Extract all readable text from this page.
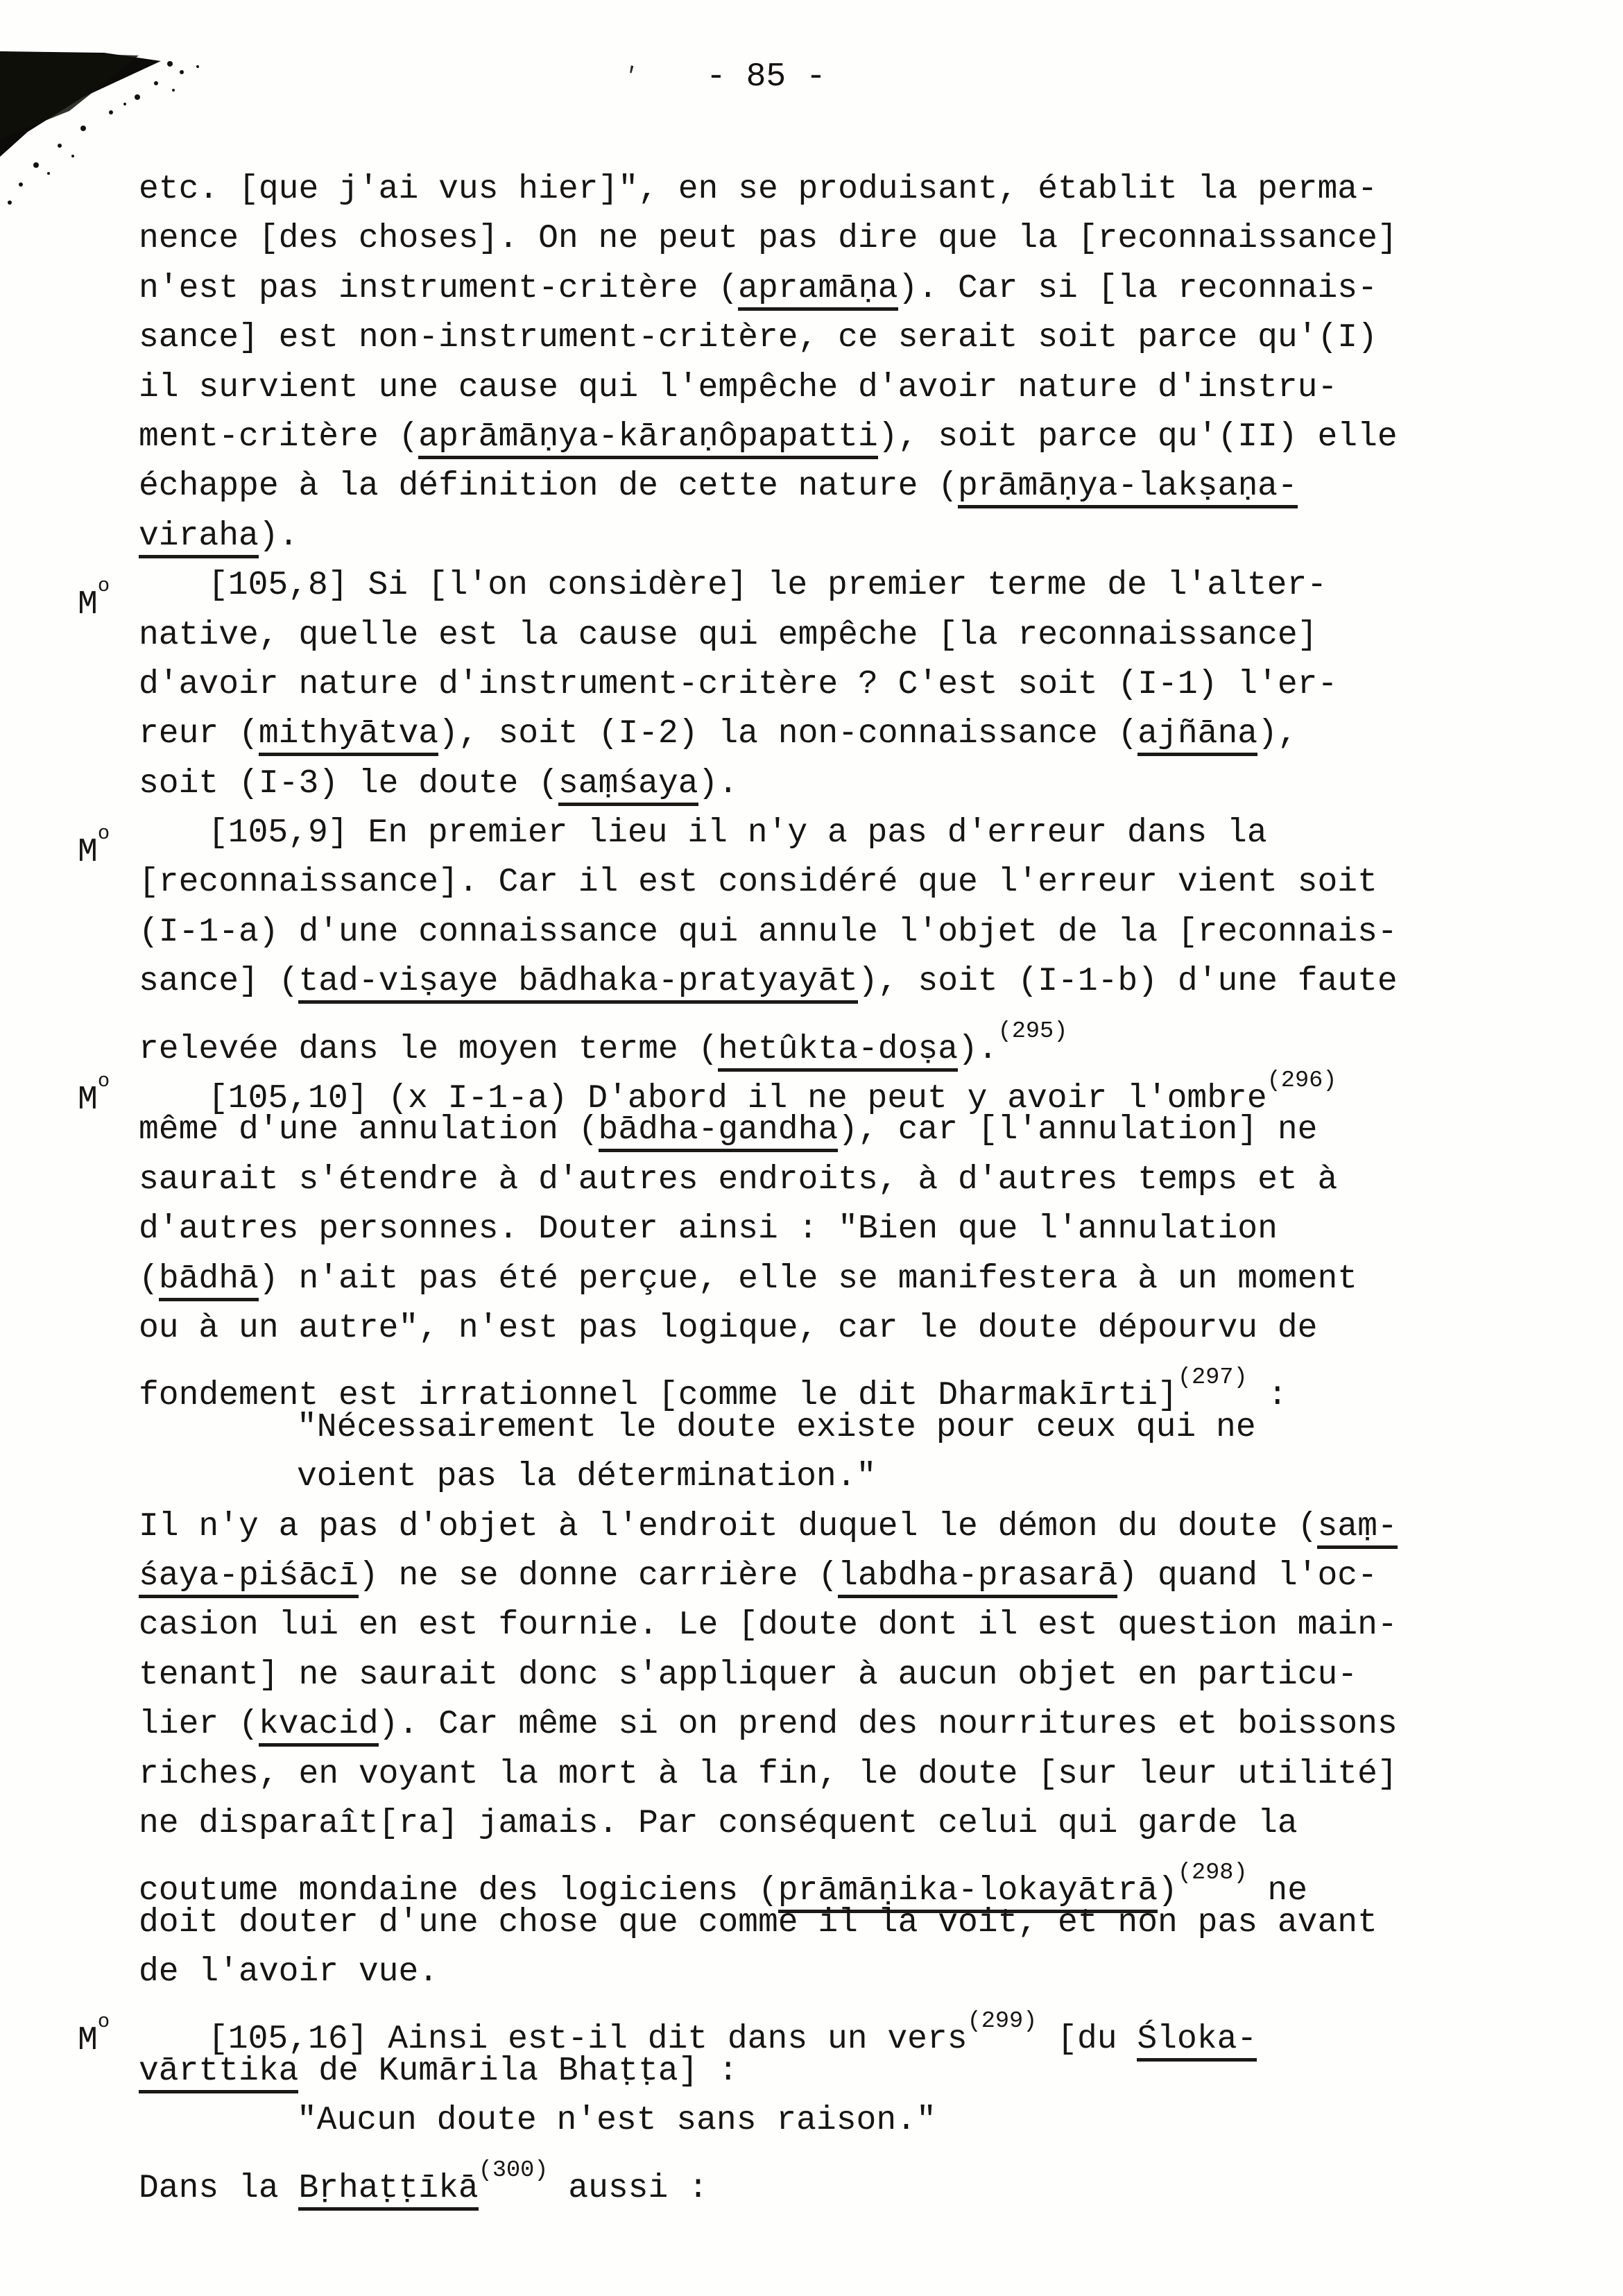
' - 85 -
etc. [que j'ai vus hier]", en se produisant, établit la perma-
nence [des choses]. On ne peut pas dire que la [reconnaissance]
n'est pas instrument-critère (apramāṇa). Car si [la reconnais-
sance] est non-instrument-critère, ce serait soit parce qu'(I)
il survient une cause qui l'empêche d'avoir nature d'instru-
ment-critère (aprāmāṇya-kāraṇôpapatti), soit parce qu'(II) elle
échappe à la définition de cette nature (prāmāṇya-lakṣaṇa-
viraha).
$M^o$	[105,8] Si [l'on considère] le premier terme de l'alter-
native, quelle est la cause qui empêche [la reconnaissance]
d'avoir nature d'instrument-critère ? C'est soit (I-1) l'er-
reur (mithyātva), soit (I-2) la non-connaissance (ajñāna),
soit (I-3) le doute (saṃśaya).
$M^o$	[105,9] En premier lieu il n'y a pas d'erreur dans la
[reconnaissance]. Car il est considéré que l'erreur vient soit
(I-1-a) d'une connaissance qui annule l'objet de la [reconnais-
sance] (tad-viṣaye bādhaka-pratyayāt), soit (I-1-b) d'une faute
relevée dans le moyen terme (hetûkta-doṣa).$^{(295)}$
$M^o$	[105,10] (x I-1-a) D'abord il ne peut y avoir l'ombre$^{(296)}$
même d'une annulation (bādha-gandha), car [l'annulation] ne
saurait s'étendre à d'autres endroits, à d'autres temps et à
d'autres personnes. Douter ainsi : "Bien que l'annulation
(bādhā) n'ait pas été perçue, elle se manifestera à un moment
ou à un autre", n'est pas logique, car le doute dépourvu de
fondement est irrationnel [comme le dit Dharmakīrti]$^{(297)}$ :
"Nécessairement le doute existe pour ceux qui ne
voient pas la détermination."
Il n'y a pas d'objet à l'endroit duquel le démon du doute (saṃ-
śaya-piśācī) ne se donne carrière (labdha-prasarā) quand l'oc-
casion lui en est fournie. Le [doute dont il est question main-
tenant] ne saurait donc s'appliquer à aucun objet en particu-
lier (kvacid). Car même si on prend des nourritures et boissons
riches, en voyant la mort à la fin, le doute [sur leur utilité]
ne disparaît[ra] jamais. Par conséquent celui qui garde la
coutume mondaine des logiciens (prāmāṇika-lokayātrā)$^{(298)}$ ne
doit douter d'une chose que comme il la voit, et non pas avant
de l'avoir vue.
$M^o$	[105,16] Ainsi est-il dit dans un vers$^{(299)}$ [du Śloka-
vārttika de Kumārila Bhaṭṭa] :
"Aucun doute n'est sans raison."
Dans la Bṛhaṭṭīkā$^{(300)}$ aussi :
